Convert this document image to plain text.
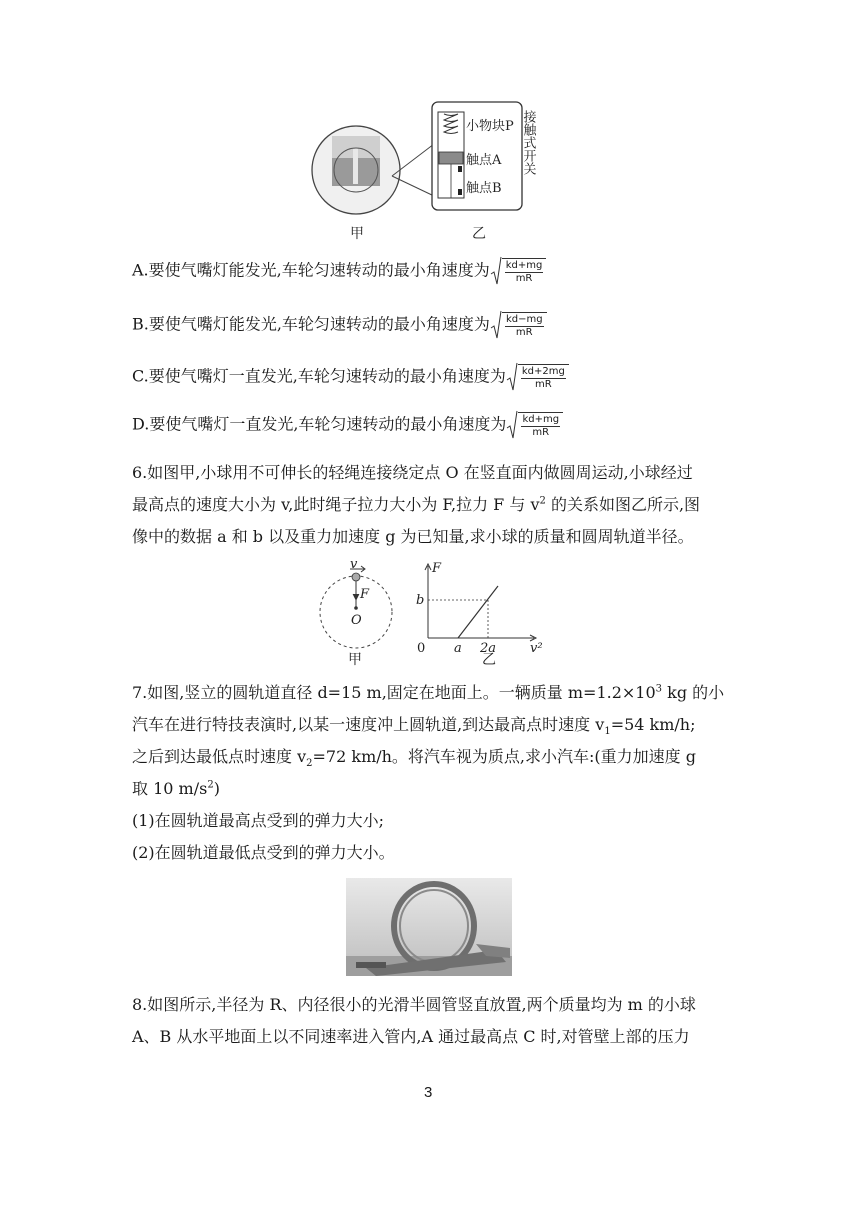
小物块P
触点A
触点B
接触式开关
甲	乙
A.要使气嘴灯能发光,车轮匀速转动的最小角速度为 $\frac{kd+mg}{mR}$
B.要使气嘴灯能发光,车轮匀速转动的最小角速度为 $\frac{kd-mg}{mR}$
C.要使气嘴灯一直发光,车轮匀速转动的最小角速度为 $\frac{kd+2mg}{mR}$
D.要使气嘴灯一直发光,车轮匀速转动的最小角速度为 $\frac{kd+mg}{mR}$
6.如图甲,小球用不可伸长的轻绳连接绕定点 O 在竖直面内做圆周运动,小球经过
最高点的速度大小为 v,此时绳子拉力大小为 F,拉力 F 与 $v^2$ 的关系如图乙所示,图
像中的数据 a 和 b 以及重力加速度 g 为已知量,求小球的质量和圆周轨道半径。
v
F
O
甲
F
v²
0 a 2a
b
乙
7.如图,竖立的圆轨道直径 d=15 m,固定在地面上。一辆质量 $m=1.2\times 10^3$ kg 的小
汽车在进行特技表演时,以某一速度冲上圆轨道,到达最高点时速度 $v_1=54$ km/h;
之后到达最低点时速度 $v_2=72$ km/h。将汽车视为质点,求小汽车:(重力加速度 g
取 10 $m/s^2$)
(1)在圆轨道最高点受到的弹力大小;
(2)在圆轨道最低点受到的弹力大小。
8.如图所示,半径为 R、内径很小的光滑半圆管竖直放置,两个质量均为 m 的小球
A、B 从水平地面上以不同速率进入管内,A 通过最高点 C 时,对管壁上部的压力
3
